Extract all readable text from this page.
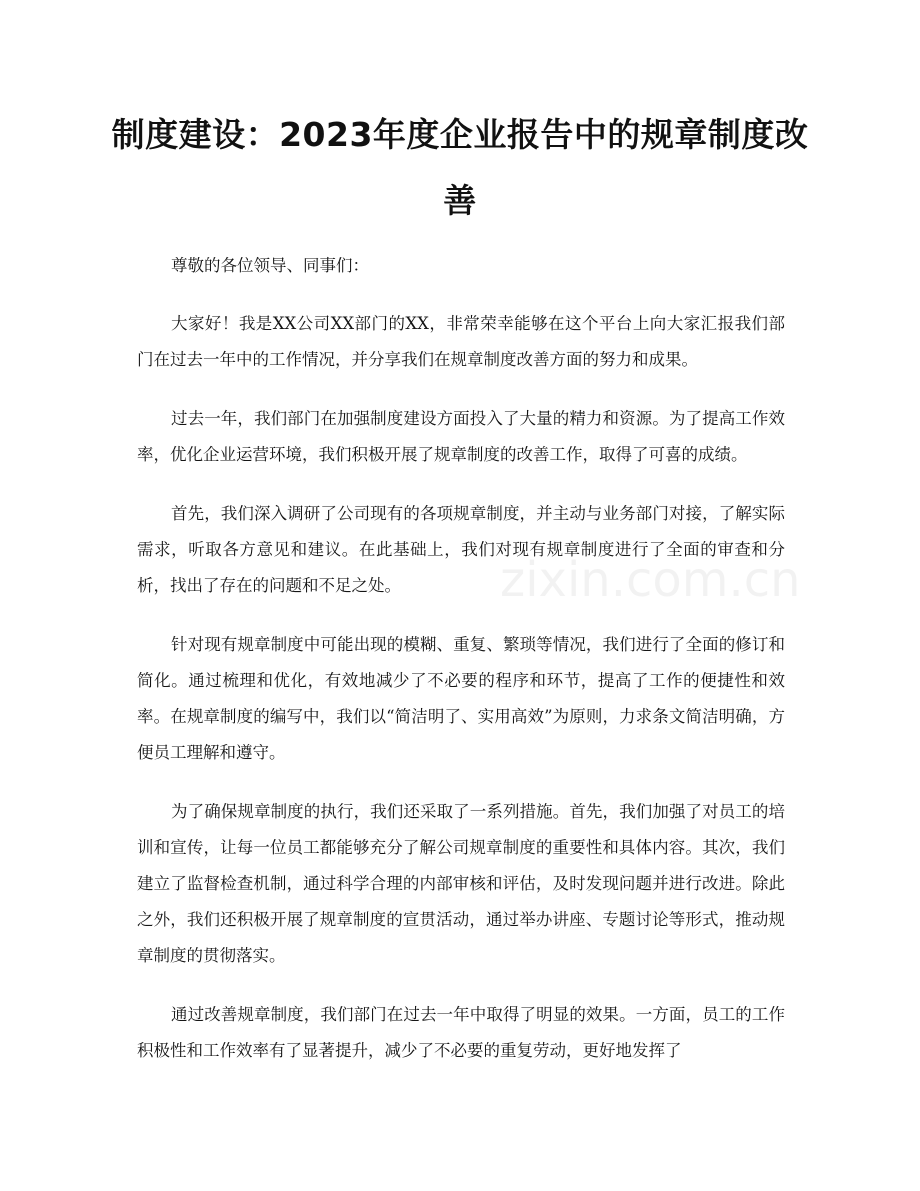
制度建设：2023年度企业报告中的规章制度改善
zixin.com.cn

尊敬的各位领导、同事们：

大家好！我是XX公司XX部门的XX，非常荣幸能够在这个平台上向大家汇报我们部门在过去一年中的工作情况，并分享我们在规章制度改善方面的努力和成果。

过去一年，我们部门在加强制度建设方面投入了大量的精力和资源。为了提高工作效率，优化企业运营环境，我们积极开展了规章制度的改善工作，取得了可喜的成绩。

首先，我们深入调研了公司现有的各项规章制度，并主动与业务部门对接，了解实际需求，听取各方意见和建议。在此基础上，我们对现有规章制度进行了全面的审查和分析，找出了存在的问题和不足之处。

针对现有规章制度中可能出现的模糊、重复、繁琐等情况，我们进行了全面的修订和简化。通过梳理和优化，有效地减少了不必要的程序和环节，提高了工作的便捷性和效率。在规章制度的编写中，我们以“简洁明了、实用高效”为原则，力求条文简洁明确，方便员工理解和遵守。

为了确保规章制度的执行，我们还采取了一系列措施。首先，我们加强了对员工的培训和宣传，让每一位员工都能够充分了解公司规章制度的重要性和具体内容。其次，我们建立了监督检查机制，通过科学合理的内部审核和评估，及时发现问题并进行改进。除此之外，我们还积极开展了规章制度的宣贯活动，通过举办讲座、专题讨论等形式，推动规章制度的贯彻落实。

通过改善规章制度，我们部门在过去一年中取得了明显的效果。一方面，员工的工作积极性和工作效率有了显著提升，减少了不必要的重复劳动，更好地发挥了
